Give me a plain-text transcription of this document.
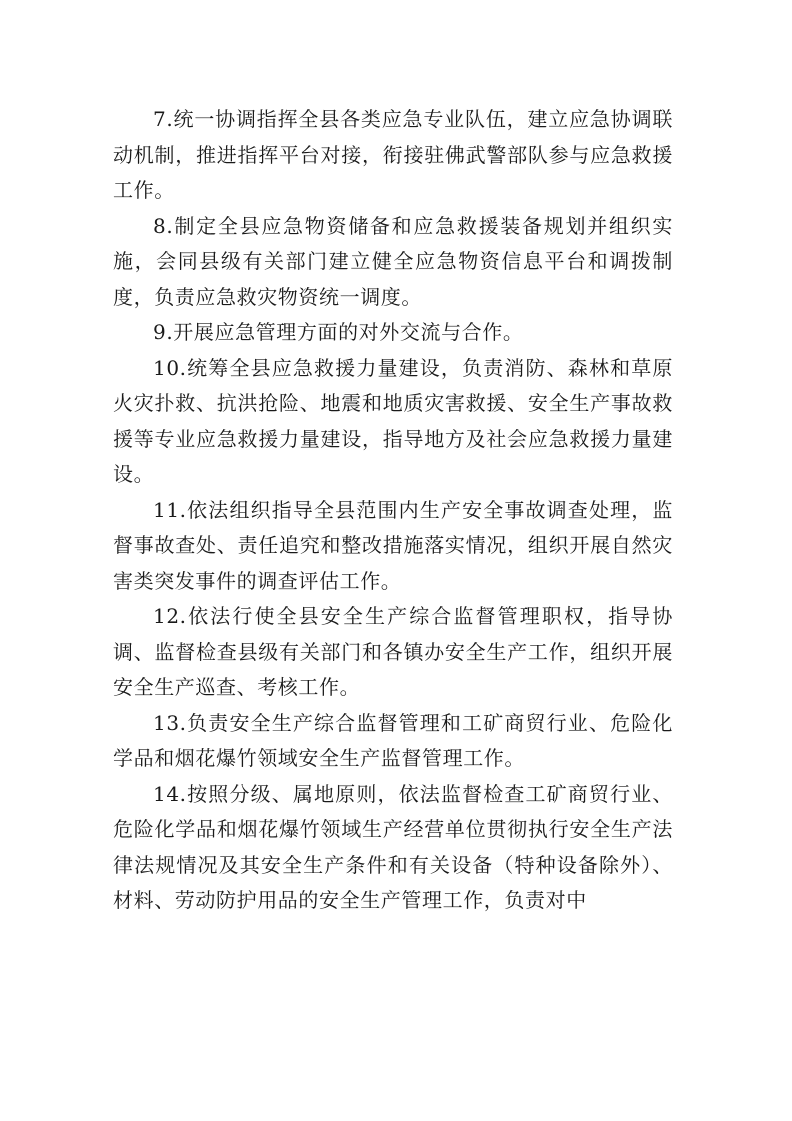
7.统一协调指挥全县各类应急专业队伍，建立应急协调联动机制，推进指挥平台对接，衔接驻佛武警部队参与应急救援工作。

8.制定全县应急物资储备和应急救援装备规划并组织实施，会同县级有关部门建立健全应急物资信息平台和调拨制度，负责应急救灾物资统一调度。

9.开展应急管理方面的对外交流与合作。

10.统筹全县应急救援力量建设，负责消防、森林和草原火灾扑救、抗洪抢险、地震和地质灾害救援、安全生产事故救援等专业应急救援力量建设，指导地方及社会应急救援力量建设。

11.依法组织指导全县范围内生产安全事故调查处理，监督事故查处、责任追究和整改措施落实情况，组织开展自然灾害类突发事件的调查评估工作。

12.依法行使全县安全生产综合监督管理职权，指导协调、监督检查县级有关部门和各镇办安全生产工作，组织开展安全生产巡查、考核工作。

13.负责安全生产综合监督管理和工矿商贸行业、危险化学品和烟花爆竹领域安全生产监督管理工作。

14.按照分级、属地原则，依法监督检查工矿商贸行业、危险化学品和烟花爆竹领域生产经营单位贯彻执行安全生产法律法规情况及其安全生产条件和有关设备（特种设备除外）、材料、劳动防护用品的安全生产管理工作，负责对中
